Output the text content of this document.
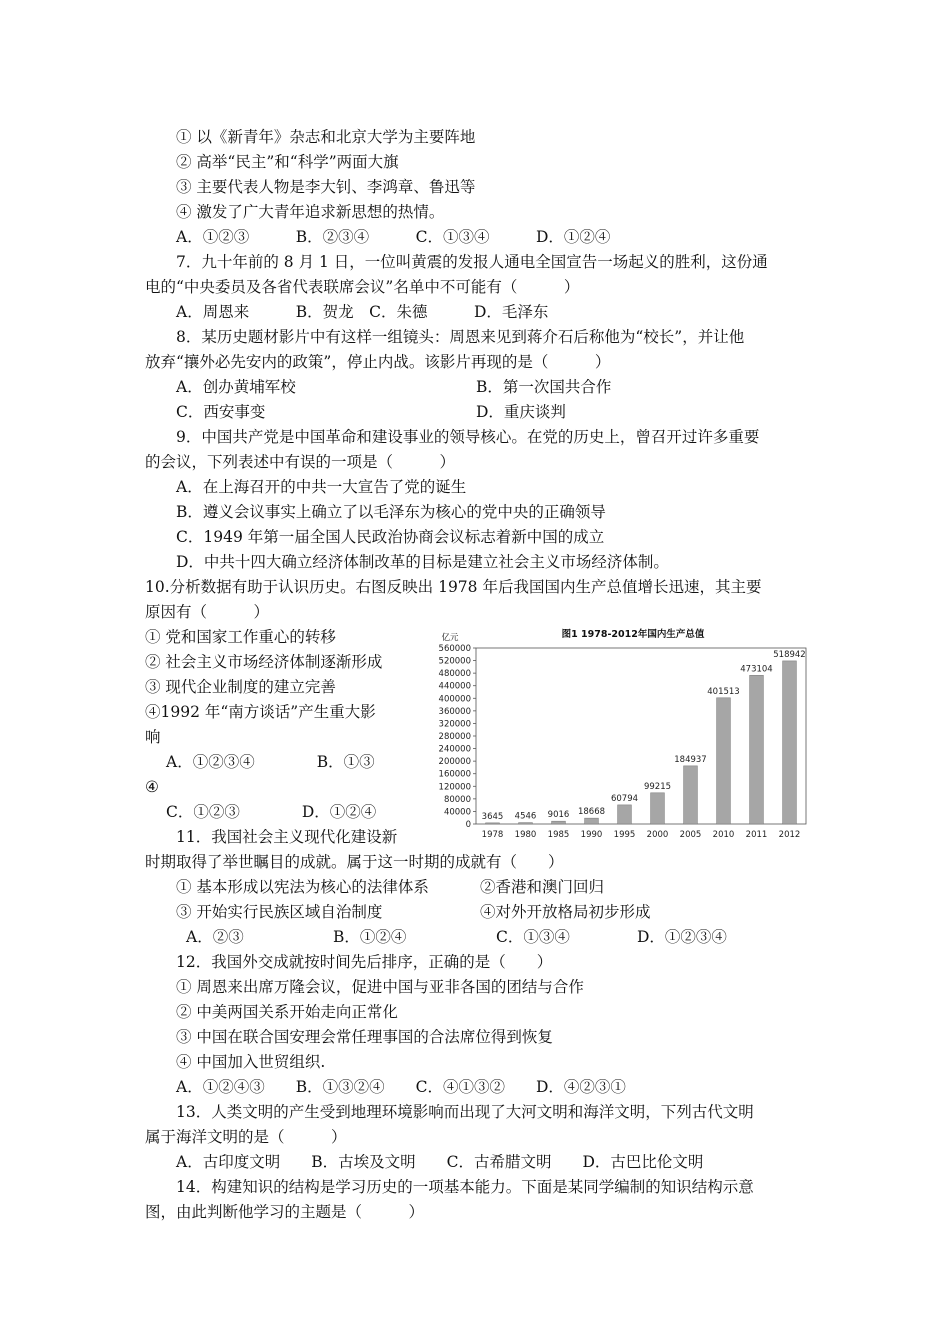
① 以《新青年》杂志和北京大学为主要阵地
② 高举“民主”和“科学”两面大旗
③ 主要代表人物是李大钊、李鸿章、鲁迅等
④ 激发了广大青年追求新思想的热情。
A．①②③　　　B．②③④　　　C．①③④　　　D．①②④
7．九十年前的 8 月 1 日，一位叫黄震的发报人通电全国宣告一场起义的胜利，这份通
电的“中央委员及各省代表联席会议”名单中不可能有（　　　）
A．周恩来　　　B．贺龙　C．朱德　　　D．毛泽东
8．某历史题材影片中有这样一组镜头：周恩来见到蒋介石后称他为“校长”，并让他
放弃“攘外必先安内的政策”，停止内战。该影片再现的是（　　　）
A．创办黄埔军校	B．第一次国共合作
C．西安事变	D．重庆谈判
9．中国共产党是中国革命和建设事业的领导核心。在党的历史上，曾召开过许多重要
的会议，下列表述中有误的一项是（　　　）
A．在上海召开的中共一大宣告了党的诞生
B．遵义会议事实上确立了以毛泽东为核心的党中央的正确领导
C．1949 年第一届全国人民政治协商会议标志着新中国的成立
D．中共十四大确立经济体制改革的目标是建立社会主义市场经济体制。
10.分析数据有助于认识历史。右图反映出 1978 年后我国国内生产总值增长迅速，其主要
原因有（　　　）
① 党和国家工作重心的转移
② 社会主义市场经济体制逐渐形成
③ 现代企业制度的建立完善
④1992 年“南方谈话”产生重大影
响
A．①②③④　　　　B．①③
④
C．①②③　　　　D．①②④
图1 1978-2012年国内生产总值
亿元
0
40000
80000
120000
160000
200000
240000
280000
320000
360000
400000
440000
480000
520000
560000
3645
1978
4546
1980
9016
1985
18668
1990
60794
1995
99215
2000
184937
2005
401513
2010
473104
2011
518942
2012
11．我国社会主义现代化建设新
时期取得了举世瞩目的成就。属于这一时期的成就有（　　）
① 基本形成以宪法为核心的法律体系	②香港和澳门回归
③ 开始实行民族区域自治制度	④对外开放格局初步形成
A．②③	B．①②④	C．①③④	D．①②③④
12．我国外交成就按时间先后排序，正确的是（　　）
① 周恩来出席万隆会议，促进中国与亚非各国的团结与合作
② 中美两国关系开始走向正常化
③ 中国在联合国安理会常任理事国的合法席位得到恢复
④ 中国加入世贸组织.
A．①②④③　　B．①③②④　　C．④①③②　　D．④②③①
13．人类文明的产生受到地理环境影响而出现了大河文明和海洋文明，下列古代文明
属于海洋文明的是（　　　）
A．古印度文明　　B．古埃及文明　　C．古希腊文明　　D．古巴比伦文明
14．构建知识的结构是学习历史的一项基本能力。下面是某同学编制的知识结构示意
图，由此判断他学习的主题是（　　　）
